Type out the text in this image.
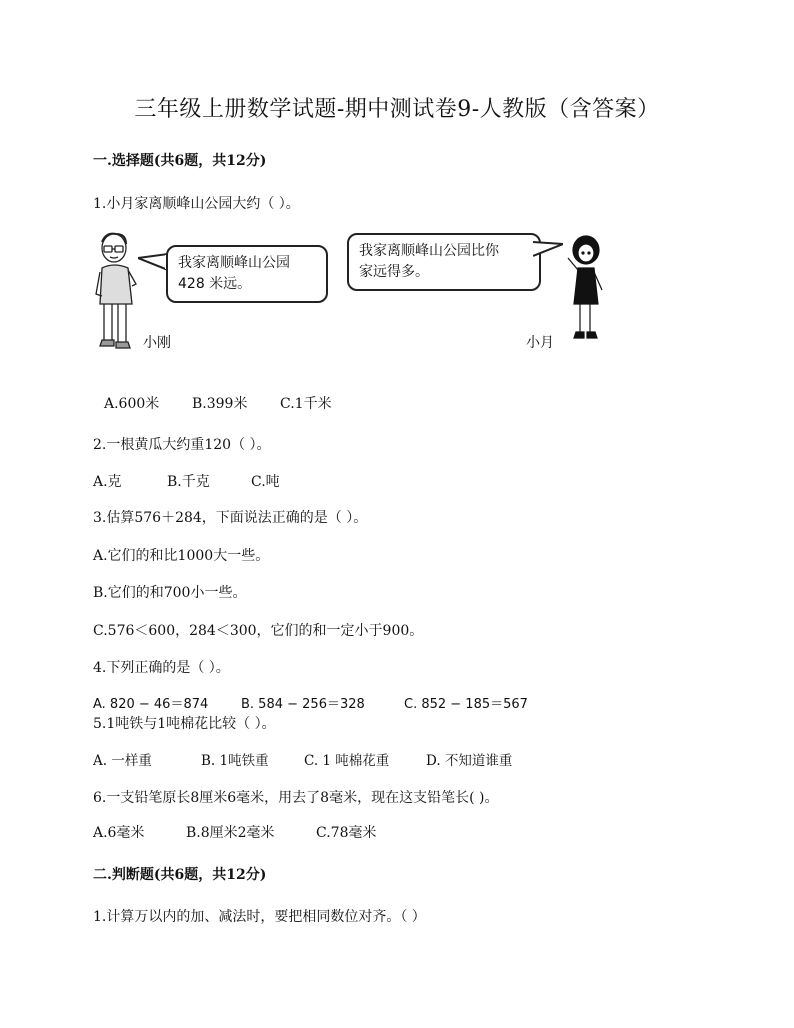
三年级上册数学试题-期中测试卷9-人教版（含答案）
一.选择题(共6题，共12分)
1.小月家离顺峰山公园大约（ ）。
我家离顺峰山公园
428 米远。
我家离顺峰山公园比你
家远得多。
小刚	小月
A.600米 B.399米 C.1千米
2.一根黄瓜大约重120（ ）。
A.克	B.千克	C.吨
3.估算576＋284，下面说法正确的是（ ）。
A.它们的和比1000大一些。
B.它们的和700小一些。
C.576＜600，284＜300，它们的和一定小于900。
4.下列正确的是（ ）。
A. 820 − 46＝874	B. 584 − 256＝328	C. 852 − 185＝567
5.1吨铁与1吨棉花比较（ ）。
A. 一样重	B. 1吨铁重	C. 1 吨棉花重	D. 不知道谁重
6.一支铅笔原长8厘米6毫米，用去了8毫米，现在这支铅笔长( )。
A.6毫米	B.8厘米2毫米	C.78毫米
二.判断题(共6题，共12分)
1.计算万以内的加、减法时，要把相同数位对齐。（ ）
